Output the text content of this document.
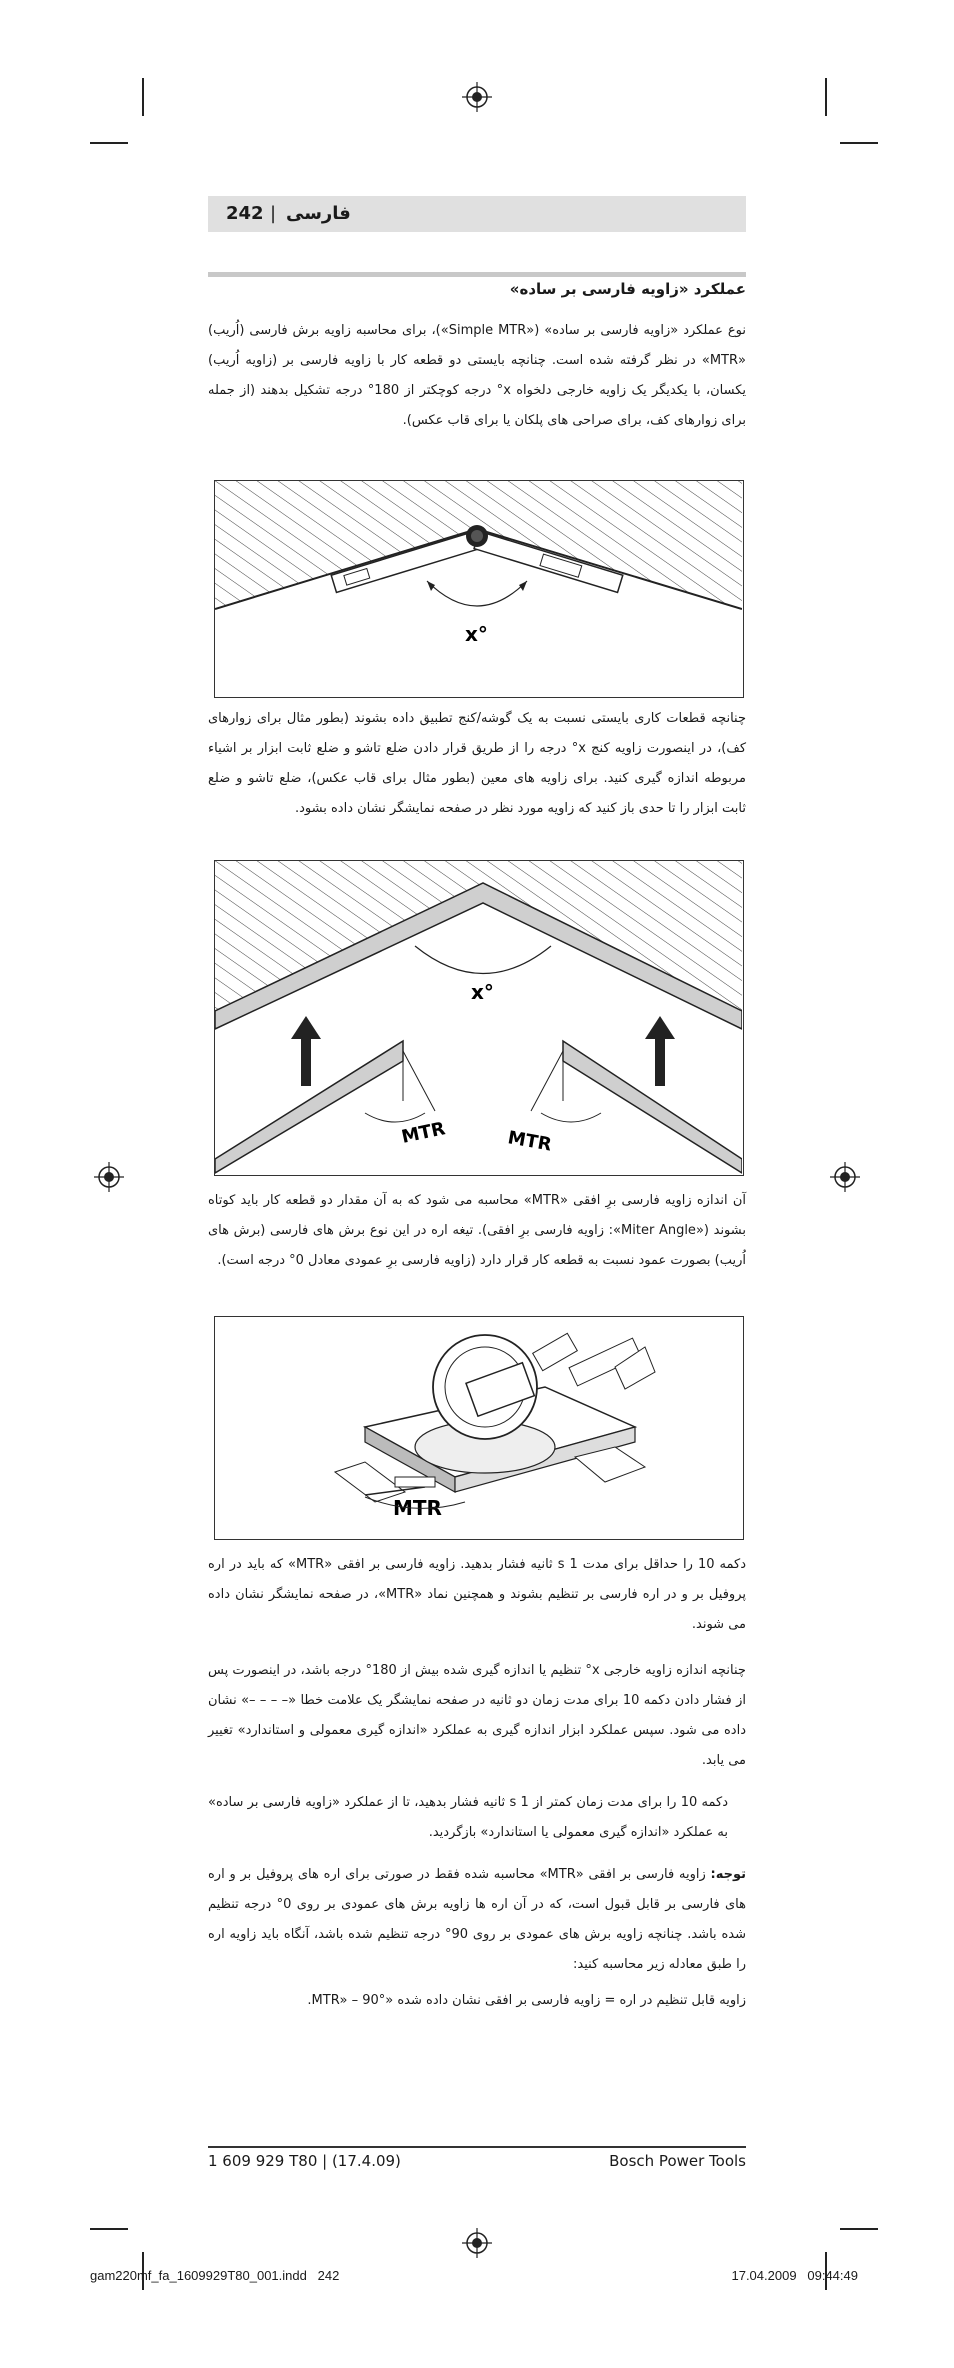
242 | فارسی
عملکرد «زاویه فارسی بر ساده»
نوع عملکرد «زاویه فارسی بر ساده» («Simple MTR»)، برای محاسبه زاویه برش فارسی (اُریب) «MTR» در نظر گرفته شده است. چنانچه بایستی دو قطعه کار با زاویه فارسی بر (زاویه اُریب) یکسان، با یکدیگر یک زاویه خارجی دلخواه x° درجه کوچکتر از 180° درجه تشکیل بدهند (از جمله برای زوارهای کف، برای صراحی های پلکان یا برای قاب عکس).
x°
چنانچه قطعات کاری بایستی نسبت به یک گوشه/کنج تطبیق داده بشوند (بطور مثال برای زوارهای کف)، در اینصورت زاویه کنج x° درجه را از طریق قرار دادن ضلع تاشو و ضلع ثابت ابزار بر اشیاء مربوطه اندازه گیری کنید. برای زاویه های معین (بطور مثال برای قاب عکس)، ضلع تاشو و ضلع ثابت ابزار را تا حدی باز کنید که زاویه مورد نظر در صفحه نمایشگر نشان داده بشود.
x°
MTR	MTR
آن اندازه زاویه فارسی برِ افقی «MTR» محاسبه می شود که به آن مقدار دو قطعه کار باید کوتاه بشوند («Miter Angle»: زاویه فارسی برِ افقی). تیغه اره در این نوع برش های فارسی (برش های اُریب) بصورت عمود نسبت به قطعه کار قرار دارد (زاویه فارسی برِ عمودی معادل 0° درجه است).
MTR
دکمه 10 را حداقل برای مدت 1 s ثانیه فشار بدهید. زاویه فارسی بر افقی «MTR» که باید در اره پروفیل بر و در اره فارسی بر تنظیم بشوند و همچنین نماد «MTR»، در صفحه نمایشگر نشان داده می شوند.
چنانچه اندازه زاویه خارجی x° تنظیم یا اندازه گیری شده بیش از 180° درجه باشد، در اینصورت پس از فشار دادن دکمه 10 برای مدت زمان دو ثانیه در صفحه نمایشگر یک علامت خطا «– – – –» نشان داده می شود. سپس عملکرد ابزار اندازه گیری به عملکرد «اندازه گیری معمولی و استاندارد» تغییر می یابد.
دکمه 10 را برای مدت زمان کمتر از 1 s ثانیه فشار بدهید، تا از عملکرد «زاویه فارسی بر ساده» به عملکرد «اندازه گیری معمولی یا استاندارد» بازگردید.
توجه: زاویه فارسی بر افقی «MTR» محاسبه شده فقط در صورتی برای اره های پروفیل بر و اره های فارسی بر قابل قبول است، که در آن اره ها زاویه برش های عمودی بر روی 0° درجه تنظیم شده باشد. چنانچه زاویه برش های عمودی بر روی 90° درجه تنظیم شده باشد، آنگاه باید زاویه اره را طبق معادله زیر محاسبه کنید:
زاویه قابل تنظیم در اره = زاویه فارسی بر افقی نشان داده شده «MTR» – 90°.
1 609 929 T80 | (17.4.09)	Bosch Power Tools
gam220mf_fa_1609929T80_001.indd   242	17.04.2009   09:44:49
